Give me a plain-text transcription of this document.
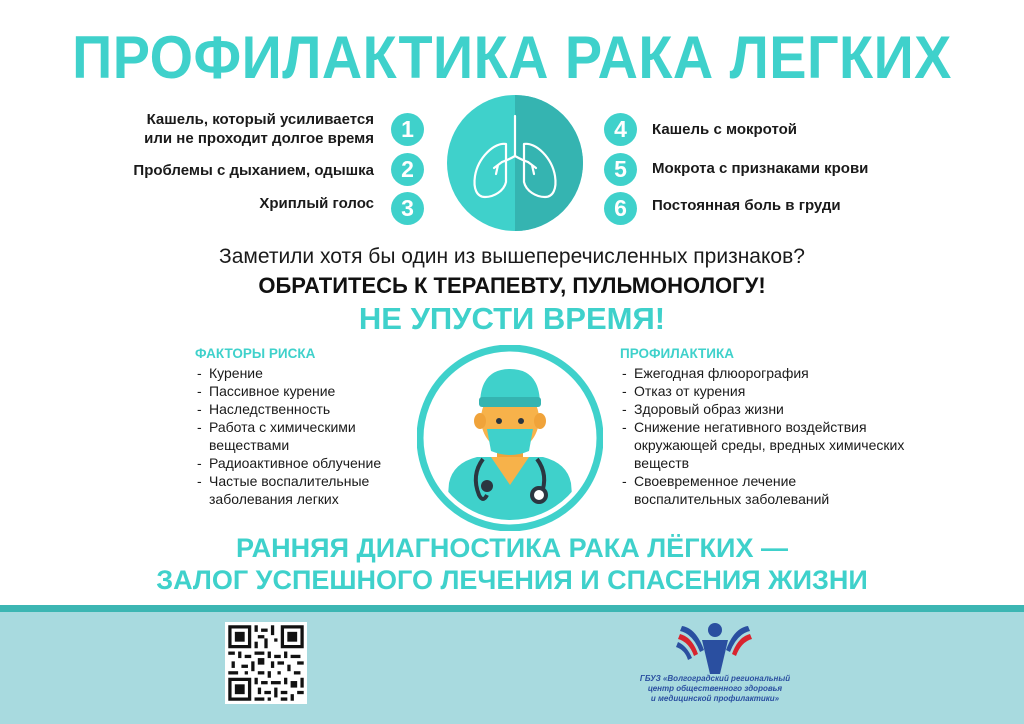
ПРОФИЛАКТИКА РАКА ЛЕГКИХ
Кашель, который усиливается
или не проходит долгое время	1
Проблемы с дыханием, одышка	2
Хриплый голос	3
4	Кашель с мокротой
5	Мокрота с признаками крови
6	Постоянная боль в груди
Заметили хотя бы один из вышеперечисленных признаков?
ОБРАТИТЕСЬ К ТЕРАПЕВТУ, ПУЛЬМОНОЛОГУ!
НЕ УПУСТИ ВРЕМЯ!
ФАКТОРЫ РИСКА
- Курение
- Пассивное курение
- Наследственность
- Работа с химическими веществами
- Радиоактивное облучение
- Частые воспалительные заболевания легких
ПРОФИЛАКТИКА
- Ежегодная флюорография
- Отказ от курения
- Здоровый образ жизни
- Снижение негативного воздействия окружающей среды, вредных химических веществ
- Своевременное лечение воспалительных заболеваний
РАННЯЯ ДИАГНОСТИКА РАКА ЛЁГКИХ —
ЗАЛОГ УСПЕШНОГО ЛЕЧЕНИЯ И СПАСЕНИЯ ЖИЗНИ
ГБУЗ «Волгоградский региональный
центр общественного здоровья
и медицинской профилактики»
